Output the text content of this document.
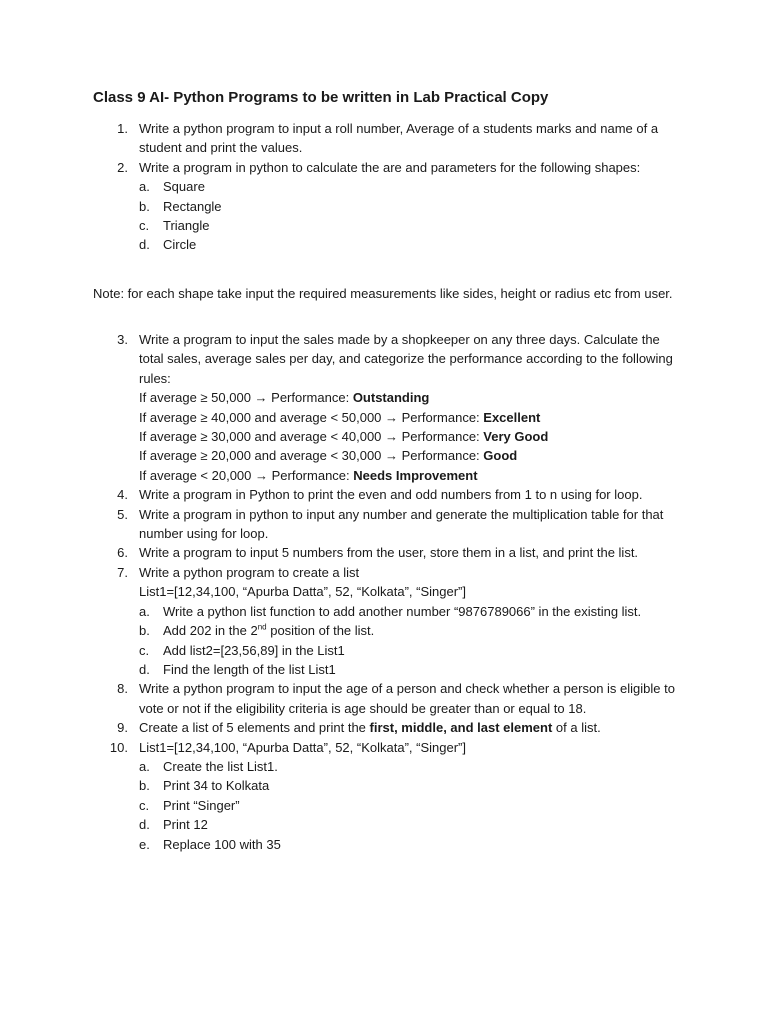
Class 9 AI- Python Programs to be written in Lab Practical Copy
1. Write a python program to input a roll number, Average of a students marks and name of a student and print the values.
2. Write a program in python to calculate the are and parameters for the following shapes:
a. Square
b. Rectangle
c. Triangle
d. Circle
Note: for each shape take input the required measurements like sides, height or radius etc from user.
3. Write a program to input the sales made by a shopkeeper on any three days. Calculate the total sales, average sales per day, and categorize the performance according to the following rules:
If average ≥ 50,000 → Performance: Outstanding
If average ≥ 40,000 and average < 50,000 → Performance: Excellent
If average ≥ 30,000 and average < 40,000 → Performance: Very Good
If average ≥ 20,000 and average < 30,000 → Performance: Good
If average < 20,000 → Performance: Needs Improvement
4. Write a program in Python to print the even and odd numbers from 1 to n using for loop.
5. Write a program in python to input any number and generate the multiplication table for that number using for loop.
6. Write a program to input 5 numbers from the user, store them in a list, and print the list.
7. Write a python program to create a list
List1=[12,34,100, “Apurba Datta”, 52, “Kolkata”, “Singer”]
a. Write a python list function to add another number “9876789066” in the existing list.
b. Add 202 in the 2nd position of the list.
c. Add list2=[23,56,89] in the List1
d. Find the length of the list List1
8. Write a python program to input the age of a person and check whether a person is eligible to vote or not if the eligibility criteria is age should be greater than or equal to 18.
9. Create a list of 5 elements and print the first, middle, and last element of a list.
10. List1=[12,34,100, “Apurba Datta”, 52, “Kolkata”, “Singer”]
a. Create the list List1.
b. Print 34 to Kolkata
c. Print “Singer”
d. Print 12
e. Replace 100 with 35
